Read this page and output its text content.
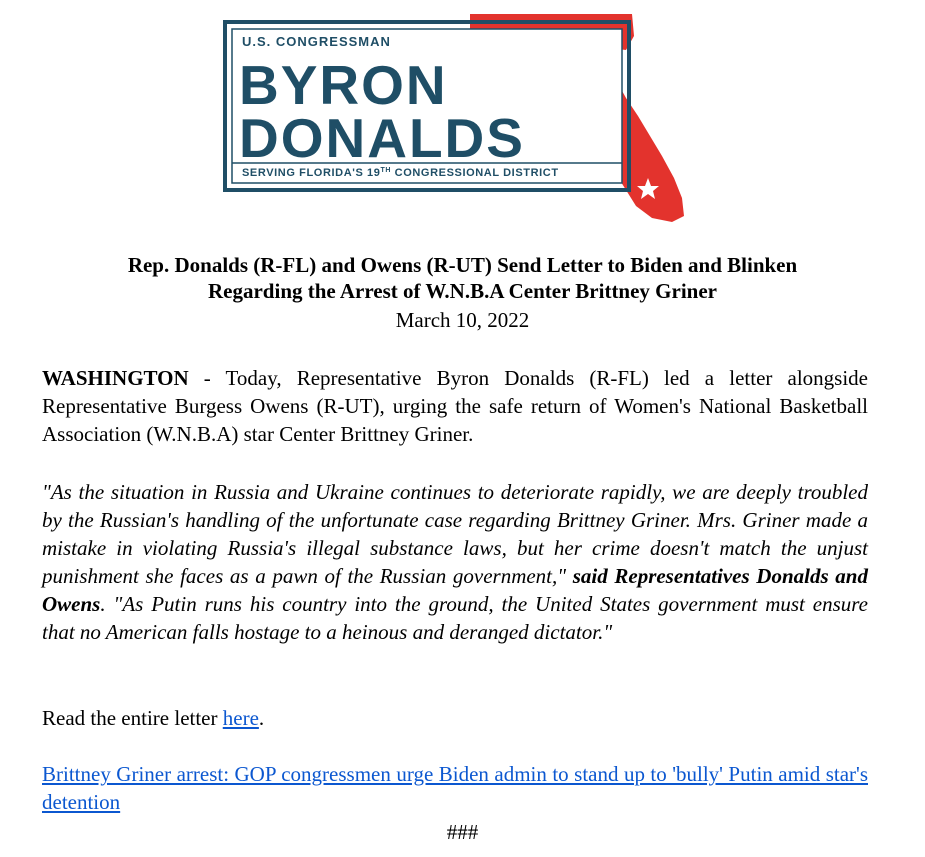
U.S. CONGRESSMAN
BYRON
DONALDS
SERVING FLORIDA'S 19TH CONGRESSIONAL DISTRICT
Rep. Donalds (R-FL) and Owens (R-UT) Send Letter to Biden and Blinken
Regarding the Arrest of W.N.B.A Center Brittney Griner
March 10, 2022
WASHINGTON - Today, Representative Byron Donalds (R-FL) led a letter alongside Representative Burgess Owens (R-UT), urging the safe return of Women's National Basketball Association (W.N.B.A) star Center Brittney Griner.
"As the situation in Russia and Ukraine continues to deteriorate rapidly, we are deeply troubled by the Russian's handling of the unfortunate case regarding Brittney Griner. Mrs. Griner made a mistake in violating Russia's illegal substance laws, but her crime doesn't match the unjust punishment she faces as a pawn of the Russian government," said Representatives Donalds and Owens. "As Putin runs his country into the ground, the United States government must ensure that no American falls hostage to a heinous and deranged dictator."
Read the entire letter here.
Brittney Griner arrest: GOP congressmen urge Biden admin to stand up to 'bully' Putin amid star's detention
###
